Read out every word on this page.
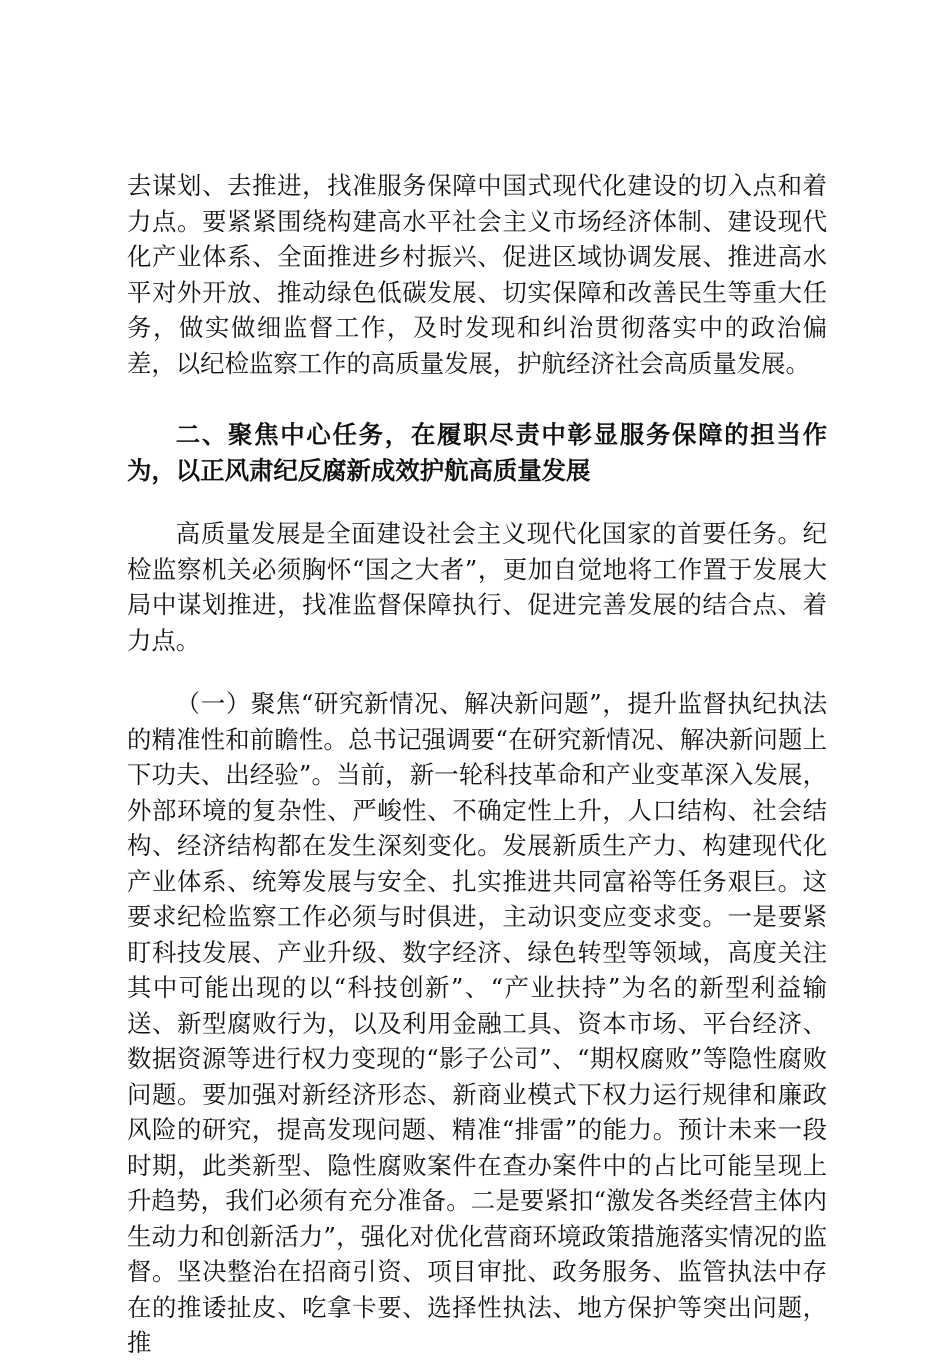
去谋划、去推进，找准服务保障中国式现代化建设的切入点和着力点。要紧紧围绕构建高水平社会主义市场经济体制、建设现代化产业体系、全面推进乡村振兴、促进区域协调发展、推进高水平对外开放、推动绿色低碳发展、切实保障和改善民生等重大任务，做实做细监督工作，及时发现和纠治贯彻落实中的政治偏差，以纪检监察工作的高质量发展，护航经济社会高质量发展。

二、聚焦中心任务，在履职尽责中彰显服务保障的担当作为，以正风肃纪反腐新成效护航高质量发展

高质量发展是全面建设社会主义现代化国家的首要任务。纪检监察机关必须胸怀“国之大者”，更加自觉地将工作置于发展大局中谋划推进，找准监督保障执行、促进完善发展的结合点、着力点。

（一）聚焦“研究新情况、解决新问题”，提升监督执纪执法的精准性和前瞻性。总书记强调要“在研究新情况、解决新问题上下功夫、出经验”。当前，新一轮科技革命和产业变革深入发展，外部环境的复杂性、严峻性、不确定性上升，人口结构、社会结构、经济结构都在发生深刻变化。发展新质生产力、构建现代化产业体系、统筹发展与安全、扎实推进共同富裕等任务艰巨。这要求纪检监察工作必须与时俱进，主动识变应变求变。一是要紧盯科技发展、产业升级、数字经济、绿色转型等领域，高度关注其中可能出现的以“科技创新”、“产业扶持”为名的新型利益输送、新型腐败行为，以及利用金融工具、资本市场、平台经济、数据资源等进行权力变现的“影子公司”、“期权腐败”等隐性腐败问题。要加强对新经济形态、新商业模式下权力运行规律和廉政风险的研究，提高发现问题、精准“排雷”的能力。预计未来一段时期，此类新型、隐性腐败案件在查办案件中的占比可能呈现上升趋势，我们必须有充分准备。二是要紧扣“激发各类经营主体内生动力和创新活力”，强化对优化营商环境政策措施落实情况的监督。坚决整治在招商引资、项目审批、政务服务、监管执法中存在的推诿扯皮、吃拿卡要、选择性执法、地方保护等突出问题，推
